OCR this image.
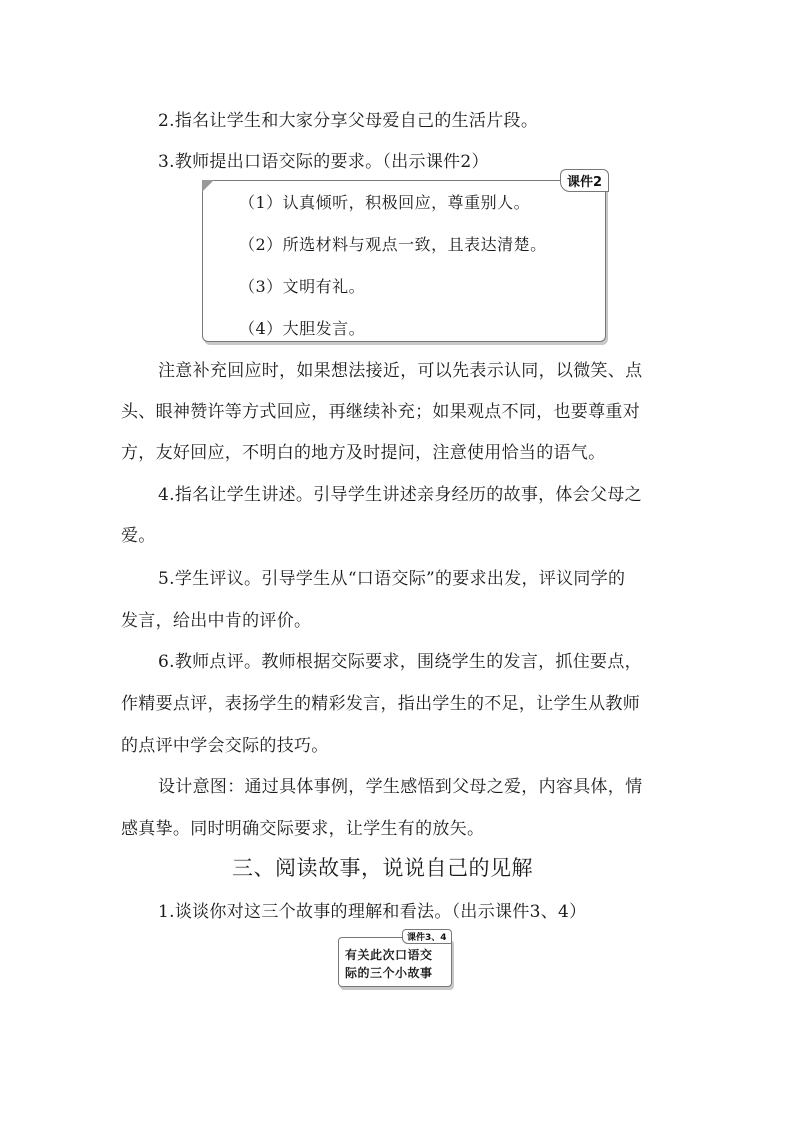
2.指名让学生和大家分享父母爱自己的生活片段。
3.教师提出口语交际的要求。（出示课件2）
（1）认真倾听，积极回应，尊重别人。
（2）所选材料与观点一致，且表达清楚。
（3）文明有礼。
（4）大胆发言。
课件2
注意补充回应时，如果想法接近，可以先表示认同，以微笑、点
头、眼神赞许等方式回应，再继续补充；如果观点不同，也要尊重对
方，友好回应，不明白的地方及时提问，注意使用恰当的语气。
4.指名让学生讲述。引导学生讲述亲身经历的故事，体会父母之
爱。
5.学生评议。引导学生从“口语交际”的要求出发，评议同学的
发言，给出中肯的评价。
6.教师点评。教师根据交际要求，围绕学生的发言，抓住要点，
作精要点评，表扬学生的精彩发言，指出学生的不足，让学生从教师
的点评中学会交际的技巧。
设计意图：通过具体事例，学生感悟到父母之爱，内容具体，情
感真挚。同时明确交际要求，让学生有的放矢。
三、阅读故事，说说自己的见解
1.谈谈你对这三个故事的理解和看法。（出示课件3、4）
有关此次口语交
际的三个小故事
课件3、4
